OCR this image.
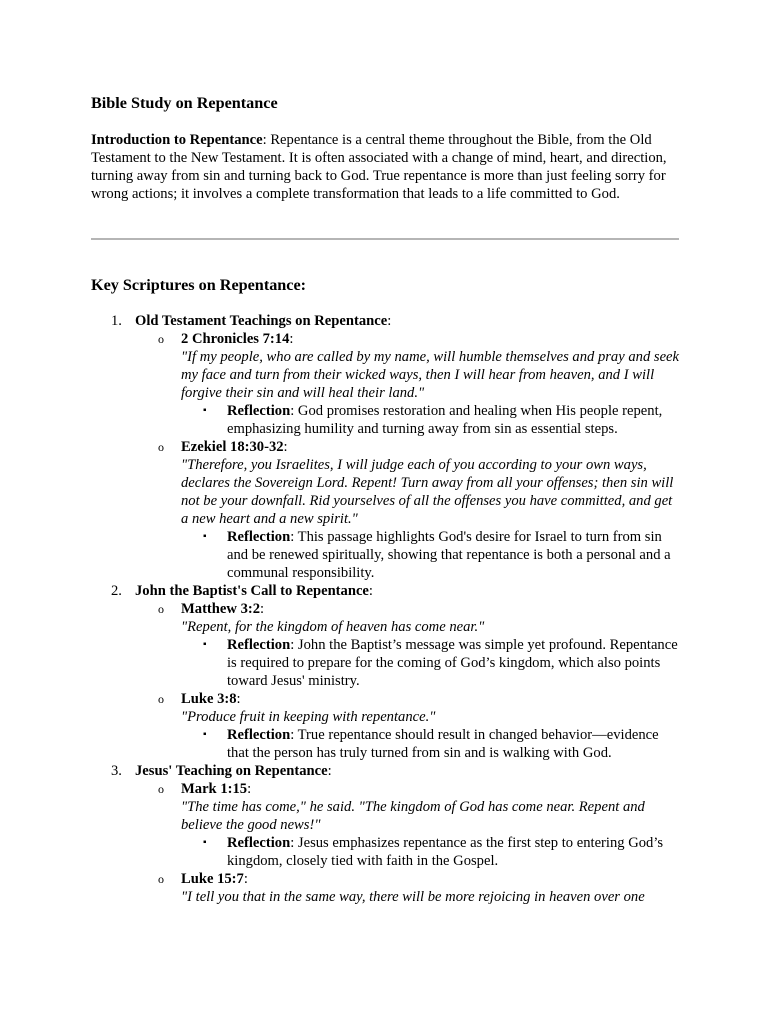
Bible Study on Repentance

Introduction to Repentance: Repentance is a central theme throughout the Bible, from the Old Testament to the New Testament. It is often associated with a change of mind, heart, and direction, turning away from sin and turning back to God. True repentance is more than just feeling sorry for wrong actions; it involves a complete transformation that leads to a life committed to God.

Key Scriptures on Repentance:
1. Old Testament Teachings on Repentance:
o 2 Chronicles 7:14:
"If my people, who are called by my name, will humble themselves and pray and seek my face and turn from their wicked ways, then I will hear from heaven, and I will forgive their sin and will heal their land."
▪ Reflection: God promises restoration and healing when His people repent, emphasizing humility and turning away from sin as essential steps.
o Ezekiel 18:30-32:
"Therefore, you Israelites, I will judge each of you according to your own ways, declares the Sovereign Lord. Repent! Turn away from all your offenses; then sin will not be your downfall. Rid yourselves of all the offenses you have committed, and get a new heart and a new spirit."
▪ Reflection: This passage highlights God's desire for Israel to turn from sin and be renewed spiritually, showing that repentance is both a personal and a communal responsibility.
2. John the Baptist's Call to Repentance:
o Matthew 3:2:
"Repent, for the kingdom of heaven has come near."
▪ Reflection: John the Baptist’s message was simple yet profound. Repentance is required to prepare for the coming of God’s kingdom, which also points toward Jesus' ministry.
o Luke 3:8:
"Produce fruit in keeping with repentance."
▪ Reflection: True repentance should result in changed behavior—evidence that the person has truly turned from sin and is walking with God.
3. Jesus' Teaching on Repentance:
o Mark 1:15:
"The time has come," he said. "The kingdom of God has come near. Repent and believe the good news!"
▪ Reflection: Jesus emphasizes repentance as the first step to entering God’s kingdom, closely tied with faith in the Gospel.
o Luke 15:7:
"I tell you that in the same way, there will be more rejoicing in heaven over one
